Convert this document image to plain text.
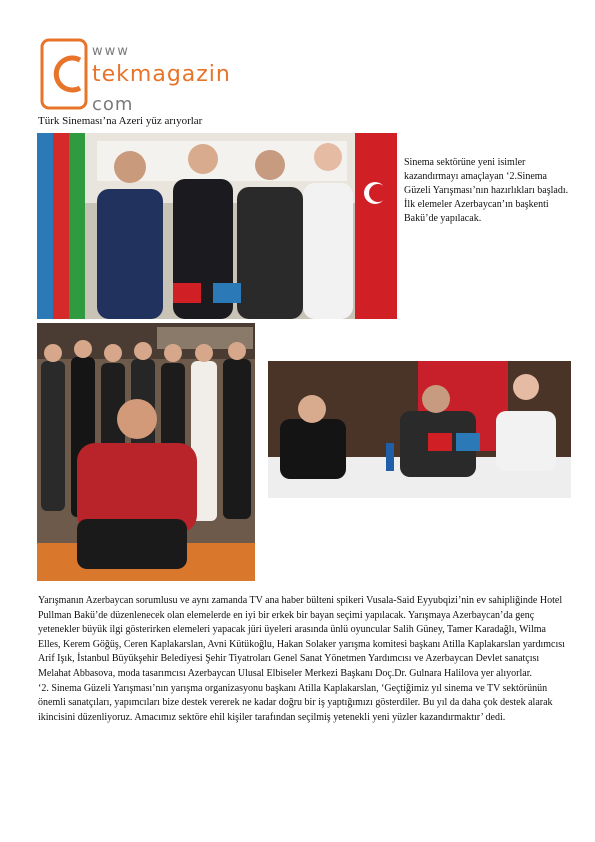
www
tekmagazin
com
Türk Sineması’na Azeri yüz arıyorlar
Sinema sektörüne yeni isimler kazandırmayı amaçlayan ‘2.Sinema Güzeli Yarışması’nın hazırlıkları başladı. İlk elemeler Azerbaycan’ın başkenti Bakü’de yapılacak.

Yarışmanın Azerbaycan sorumlusu ve aynı zamanda TV ana haber bülteni spikeri Vusala-Said Eyyubqizi’nin ev sahipliğinde Hotel Pullman Bakü’de düzenlenecek olan elemelerde en iyi bir erkek bir bayan seçimi yapılacak. Yarışmaya Azerbaycan’da genç yetenekler büyük ilgi gösterirken elemeleri yapacak jüri üyeleri arasında ünlü oyuncular Salih Güney, Tamer Karadağlı, Wilma Elles, Kerem Göğüş, Ceren Kaplakarslan, Avni Kütükoğlu, Hakan Solaker yarışma komitesi başkanı Atilla Kaplakarslan yardımcısı Arif Işık, İstanbul Büyükşehir Belediyesi Şehir Tiyatroları Genel Sanat Yönetmen Yardımcısı ve Azerbaycan Devlet sanatçısı Melahat Abbasova, moda tasarımcısı Azerbaycan Ulusal Elbiseler Merkezi Başkanı Doç.Dr. Gulnara Halilova yer alıyorlar.

‘2. Sinema Güzeli Yarışması’nın yarışma organizasyonu başkanı Atilla Kaplakarslan, ‘Geçtiğimiz yıl sinema ve TV sektörünün önemli sanatçıları, yapımcıları bize destek vererek ne kadar doğru bir iş yaptığımızı gösterdiler. Bu yıl da daha çok destek alarak ikincisini düzenliyoruz. Amacımız sektöre ehil kişiler tarafından seçilmiş yetenekli yeni yüzler kazandırmaktır’ dedi.
